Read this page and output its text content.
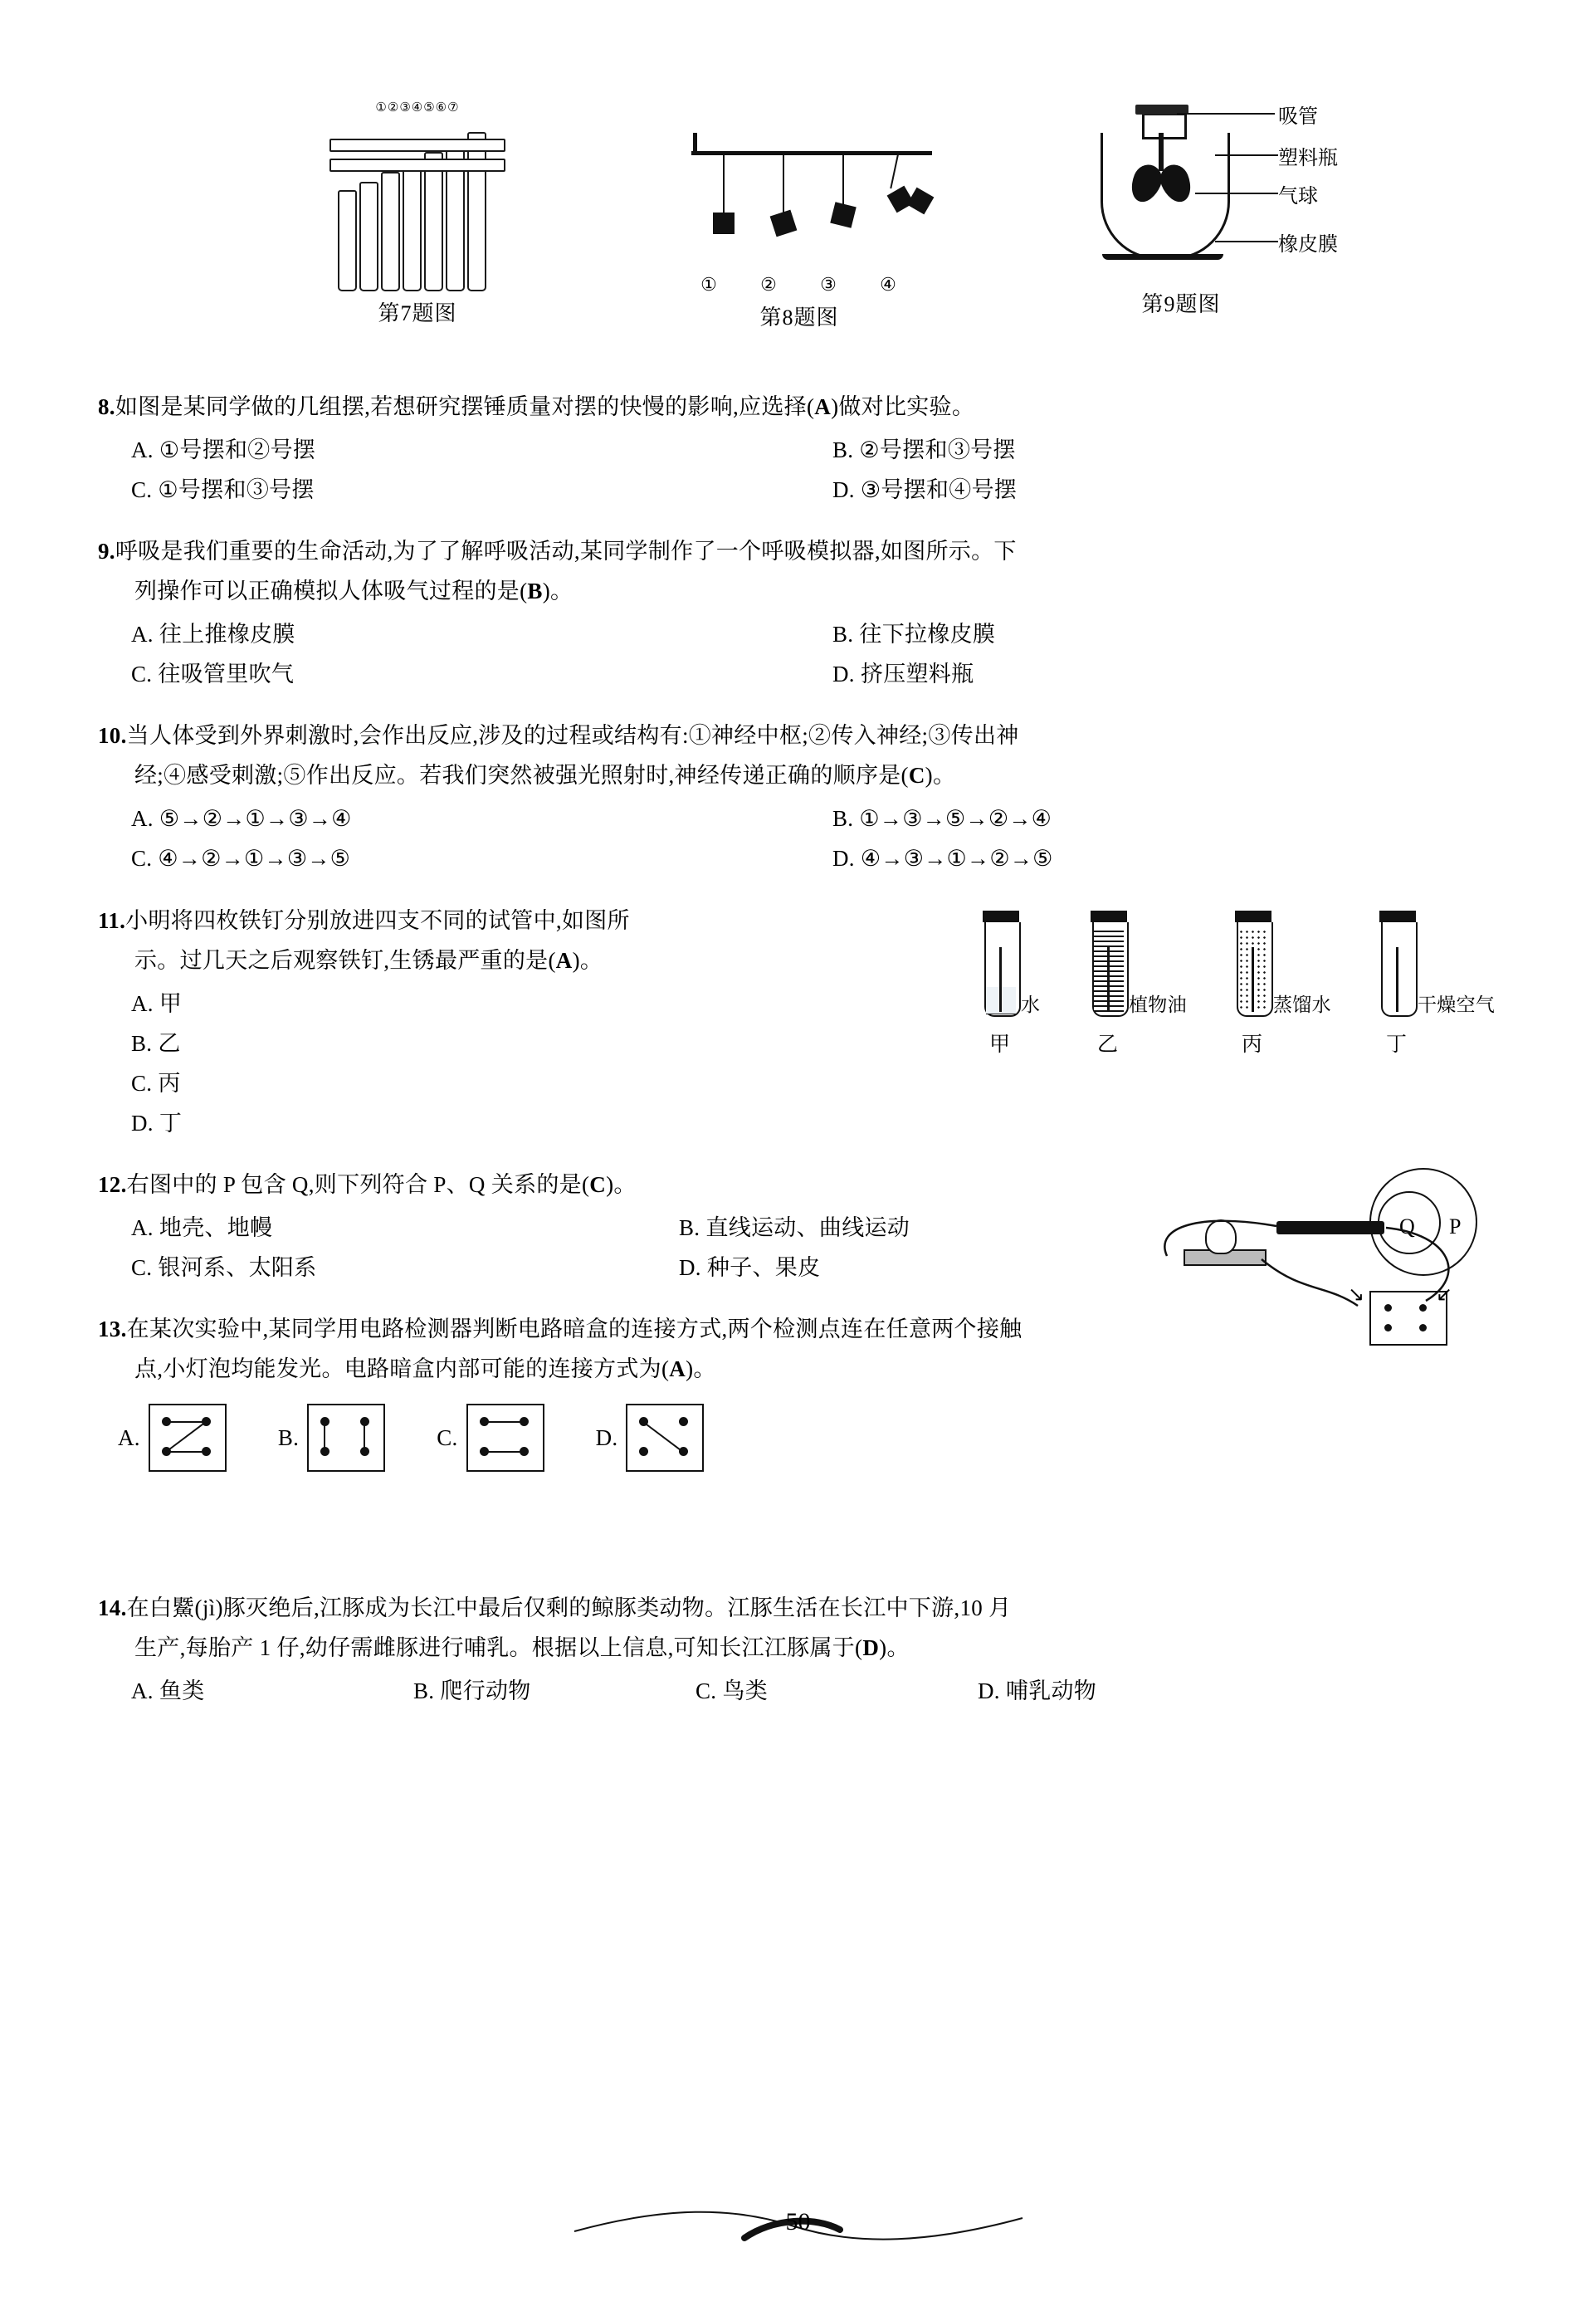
①②③④⑤⑥⑦
第7题图
① ② ③ ④
第8题图
吸管
塑料瓶
气球
橡皮膜
第9题图
8.如图是某同学做的几组摆,若想研究摆锤质量对摆的快慢的影响,应选择(A)做对比实验。
A. ①号摆和②号摆	B. ②号摆和③号摆
C. ①号摆和③号摆	D. ③号摆和④号摆
9.呼吸是我们重要的生命活动,为了了解呼吸活动,某同学制作了一个呼吸模拟器,如图所示。下
列操作可以正确模拟人体吸气过程的是(B)。
A. 往上推橡皮膜	B. 往下拉橡皮膜
C. 往吸管里吹气	D. 挤压塑料瓶
10.当人体受到外界刺激时,会作出反应,涉及的过程或结构有:①神经中枢;②传入神经;③传出神
经;④感受刺激;⑤作出反应。若我们突然被强光照射时,神经传递正确的顺序是(C)。
A. ⑤→②→①→③→④	B. ①→③→⑤→②→④
C. ④→②→①→③→⑤	D. ④→③→①→②→⑤
11.小明将四枚铁钉分别放进四支不同的试管中,如图所
示。过几天之后观察铁钉,生锈最严重的是(A)。
A. 甲
B. 乙
C. 丙
D. 丁
水
甲
植物油
乙
蒸馏水
丙
干燥空气
丁
12.右图中的 P 包含 Q,则下列符合 P、Q 关系的是(C)。
A. 地壳、地幔	B. 直线运动、曲线运动
C. 银河系、太阳系	D. 种子、果皮
Q P
13.在某次实验中,某同学用电路检测器判断电路暗盒的连接方式,两个检测点连在任意两个接触
点,小灯泡均能发光。电路暗盒内部可能的连接方式为(A)。
A.	B.	C.	D.
↘	↙
14.在白鱀(jì)豚灭绝后,江豚成为长江中最后仅剩的鲸豚类动物。江豚生活在长江中下游,10 月
生产,每胎产 1 仔,幼仔需雌豚进行哺乳。根据以上信息,可知长江江豚属于(D)。
A. 鱼类	B. 爬行动物	C. 鸟类	D. 哺乳动物
50
